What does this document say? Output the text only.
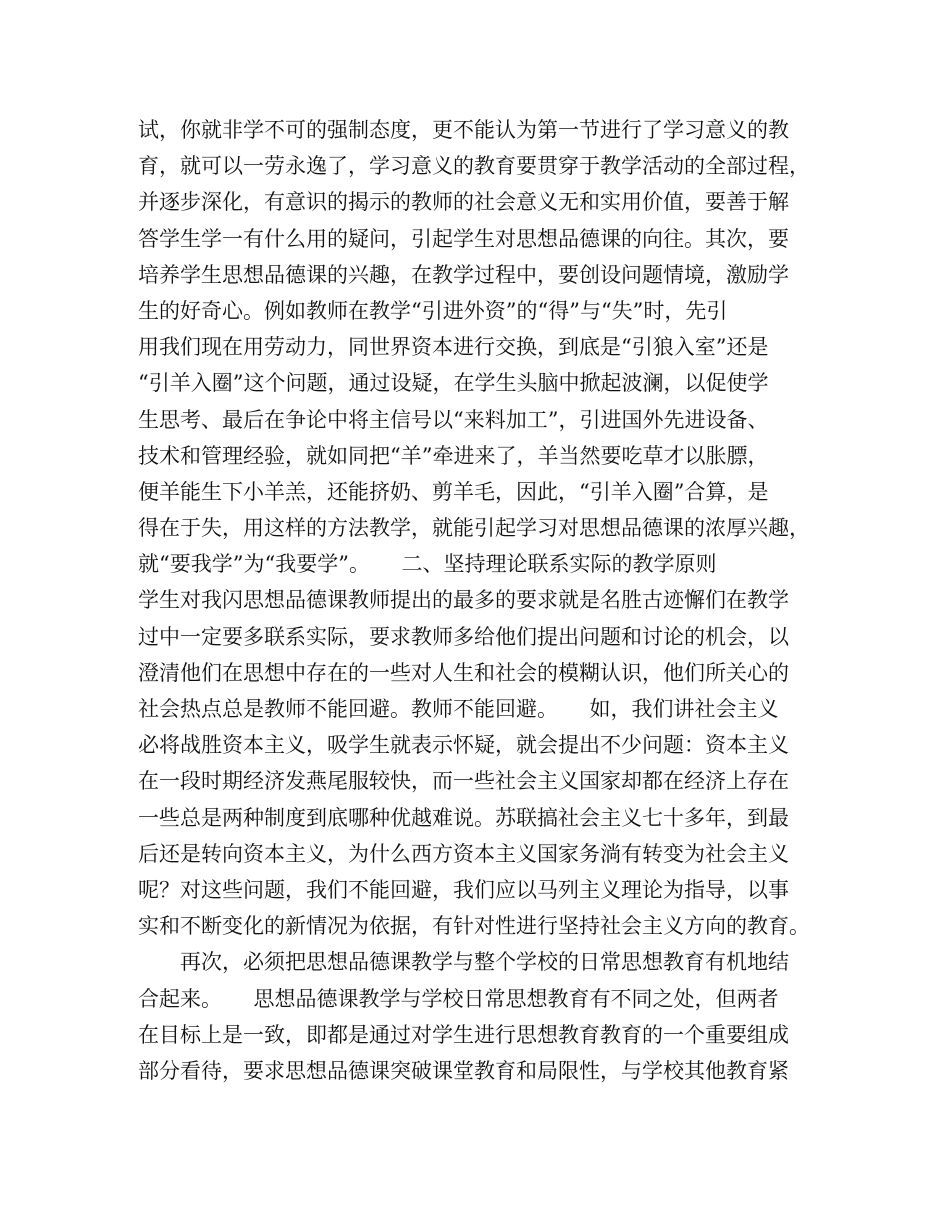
试，你就非学不可的强制态度，更不能认为第一节进行了学习意义的教
育，就可以一劳永逸了，学习意义的教育要贯穿于教学活动的全部过程，
并逐步深化，有意识的揭示的教师的社会意义无和实用价值，要善于解
答学生学一有什么用的疑问，引起学生对思想品德课的向往。其次，要
培养学生思想品德课的兴趣，在教学过程中，要创设问题情境，激励学
生的好奇心。例如教师在教学“引进外资”的“得”与“失”时，先引
用我们现在用劳动力，同世界资本进行交换，到底是“引狼入室”还是
“引羊入圈”这个问题，通过设疑，在学生头脑中掀起波澜，以促使学
生思考、最后在争论中将主信号以“来料加工”，引进国外先进设备、
技术和管理经验，就如同把“羊”牵进来了，羊当然要吃草才以胀膘，
便羊能生下小羊羔，还能挤奶、剪羊毛，因此，“引羊入圈”合算，是
得在于失，用这样的方法教学，就能引起学习对思想品德课的浓厚兴趣，
就“要我学”为“我要学”。　　二、坚持理论联系实际的教学原则
学生对我闪思想品德课教师提出的最多的要求就是名胜古迹懈们在教学
过中一定要多联系实际，要求教师多给他们提出问题和讨论的机会，以
澄清他们在思想中存在的一些对人生和社会的模糊认识，他们所关心的
社会热点总是教师不能回避。教师不能回避。　　如，我们讲社会主义
必将战胜资本主义，吸学生就表示怀疑，就会提出不少问题：资本主义
在一段时期经济发燕尾服较快，而一些社会主义国家却都在经济上存在
一些总是两种制度到底哪种优越难说。苏联搞社会主义七十多年，到最
后还是转向资本主义，为什么西方资本主义国家务淌有转变为社会主义
呢？对这些问题，我们不能回避，我们应以马列主义理论为指导，以事
实和不断变化的新情况为依据，有针对性进行坚持社会主义方向的教育。
　　再次，必须把思想品德课教学与整个学校的日常思想教育有机地结
合起来。　　思想品德课教学与学校日常思想教育有不同之处，但两者
在目标上是一致，即都是通过对学生进行思想教育教育的一个重要组成
部分看待，要求思想品德课突破课堂教育和局限性，与学校其他教育紧
